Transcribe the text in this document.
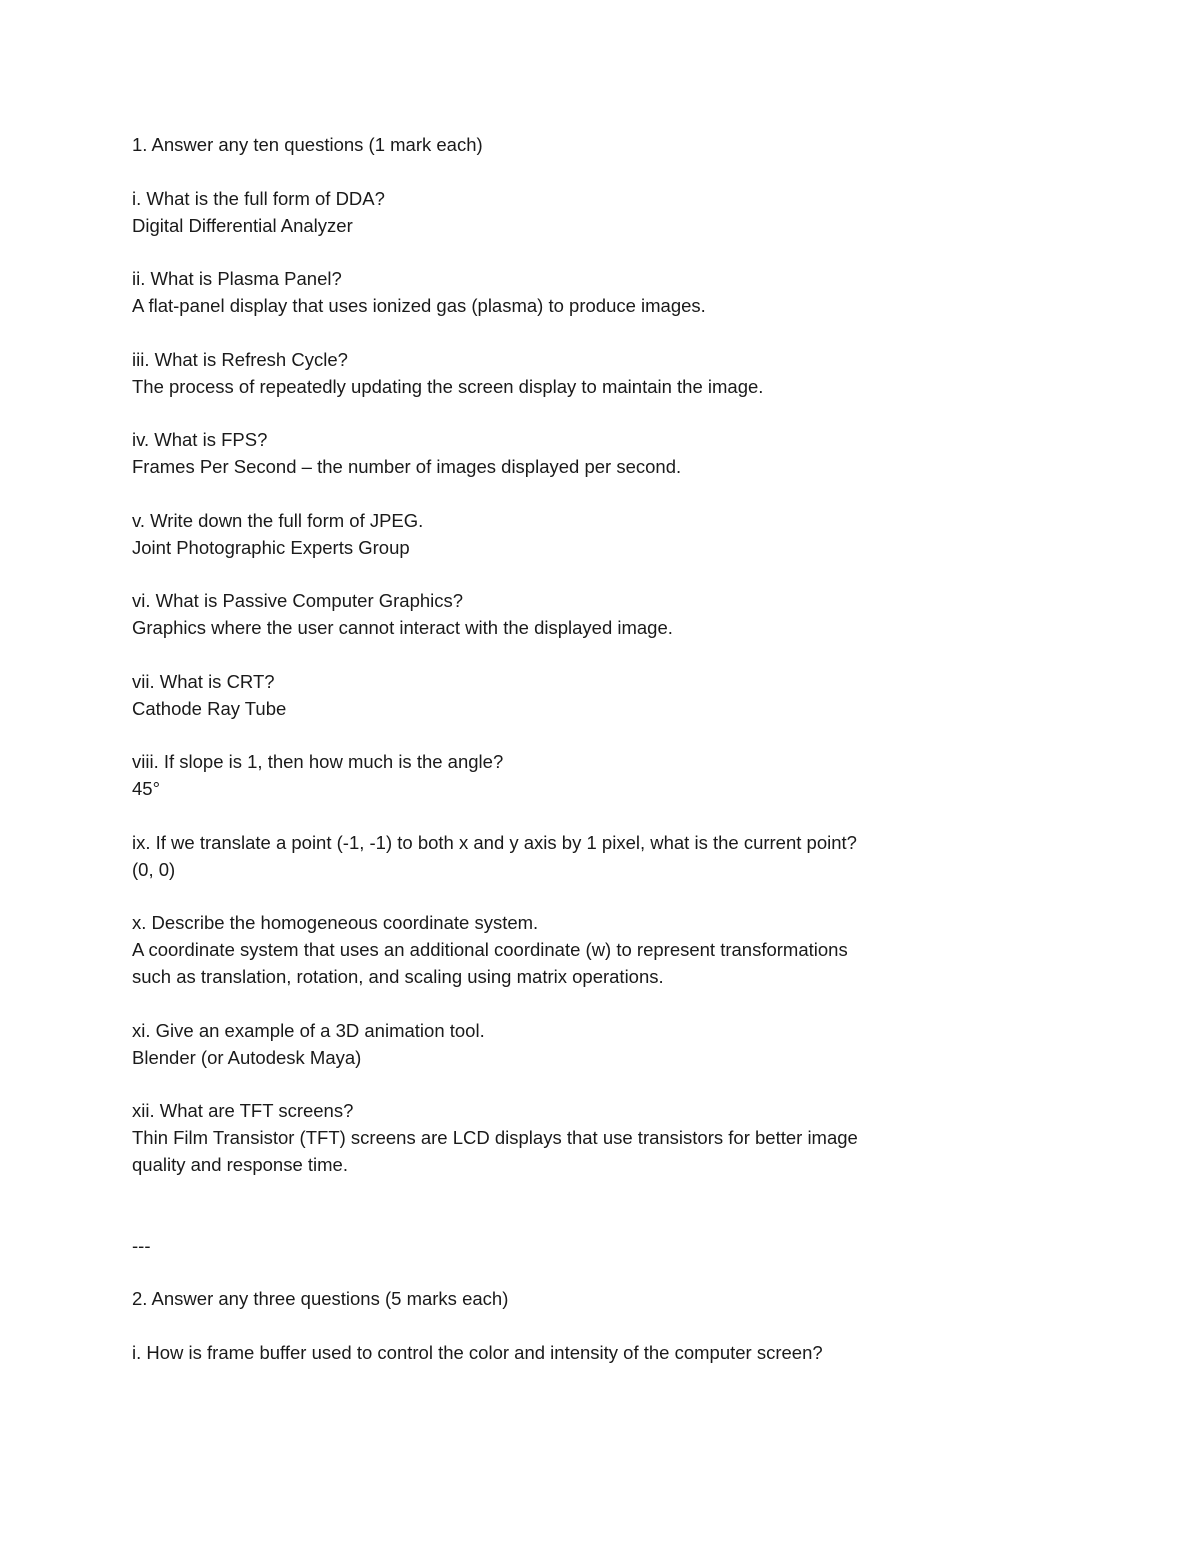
1. Answer any ten questions (1 mark each)
i. What is the full form of DDA?
Digital Differential Analyzer
ii. What is Plasma Panel?
A flat-panel display that uses ionized gas (plasma) to produce images.
iii. What is Refresh Cycle?
The process of repeatedly updating the screen display to maintain the image.
iv. What is FPS?
Frames Per Second – the number of images displayed per second.
v. Write down the full form of JPEG.
Joint Photographic Experts Group
vi. What is Passive Computer Graphics?
Graphics where the user cannot interact with the displayed image.
vii. What is CRT?
Cathode Ray Tube
viii. If slope is 1, then how much is the angle?
45°
ix. If we translate a point (-1, -1) to both x and y axis by 1 pixel, what is the current point?
(0, 0)
x. Describe the homogeneous coordinate system.
A coordinate system that uses an additional coordinate (w) to represent transformations
such as translation, rotation, and scaling using matrix operations.
xi. Give an example of a 3D animation tool.
Blender (or Autodesk Maya)
xii. What are TFT screens?
Thin Film Transistor (TFT) screens are LCD displays that use transistors for better image
quality and response time.
---
2. Answer any three questions (5 marks each)
i. How is frame buffer used to control the color and intensity of the computer screen?
